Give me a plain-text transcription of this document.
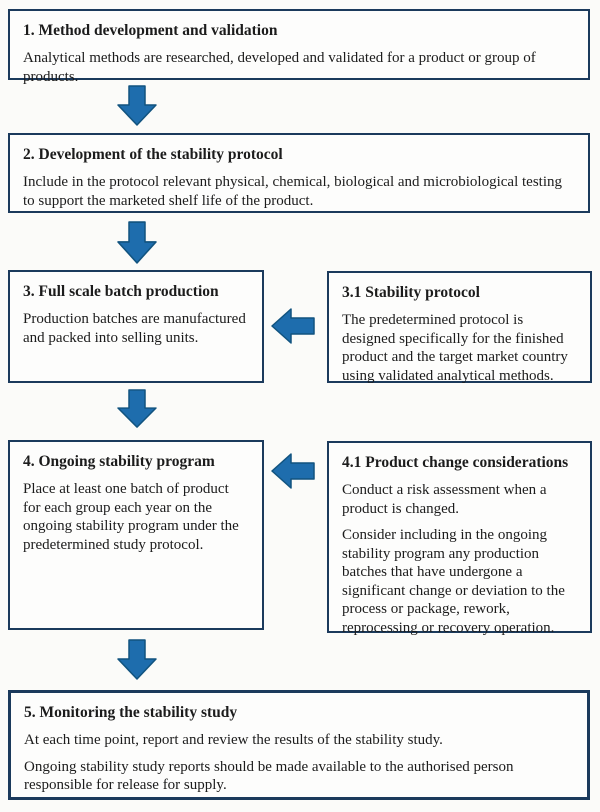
1. Method development and validation

Analytical methods are researched, developed and validated for a product or group of products.

2. Development of the stability protocol

Include in the protocol relevant physical, chemical, biological and microbiological testing to support the marketed shelf life of the product.

3. Full scale batch production

Production batches are manufactured and packed into selling units.

3.1 Stability protocol

The predetermined protocol is designed specifically for the finished product and the target market country using validated analytical methods.

4. Ongoing stability program

Place at least one batch of product for each group each year on the ongoing stability program under the predetermined study protocol.

4.1 Product change considerations

Conduct a risk assessment when a product is changed.

Consider including in the ongoing stability program any production batches that have undergone a significant change or deviation to the process or package, rework, reprocessing or recovery operation.

5. Monitoring the stability study

At each time point, report and review the results of the stability study.

Ongoing stability study reports should be made available to the authorised person responsible for release for supply.
